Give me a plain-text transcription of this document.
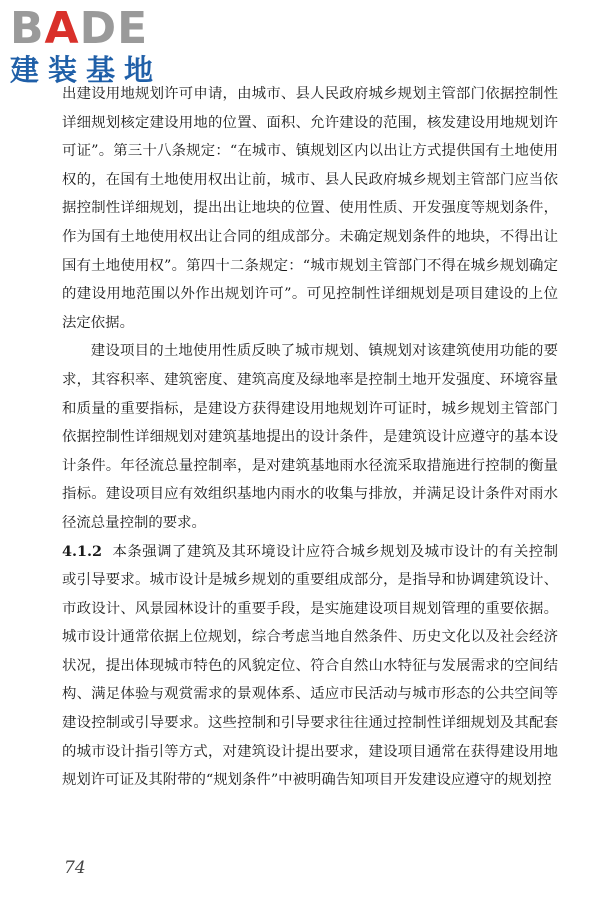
BADE
建装基地

出建设用地规划许可申请，由城市、县人民政府城乡规划主管部门依据控制性详细规划核定建设用地的位置、面积、允许建设的范围，核发建设用地规划许可证”。第三十八条规定：“在城市、镇规划区内以出让方式提供国有土地使用权的，在国有土地使用权出让前，城市、县人民政府城乡规划主管部门应当依据控制性详细规划，提出出让地块的位置、使用性质、开发强度等规划条件，作为国有土地使用权出让合同的组成部分。未确定规划条件的地块，不得出让国有土地使用权”。第四十二条规定：“城市规划主管部门不得在城乡规划确定的建设用地范围以外作出规划许可”。可见控制性详细规划是项目建设的上位法定依据。

建设项目的土地使用性质反映了城市规划、镇规划对该建筑使用功能的要求，其容积率、建筑密度、建筑高度及绿地率是控制土地开发强度、环境容量和质量的重要指标，是建设方获得建设用地规划许可证时，城乡规划主管部门依据控制性详细规划对建筑基地提出的设计条件，是建筑设计应遵守的基本设计条件。年径流总量控制率，是对建筑基地雨水径流采取措施进行控制的衡量指标。建设项目应有效组织基地内雨水的收集与排放，并满足设计条件对雨水径流总量控制的要求。

4.1.2 本条强调了建筑及其环境设计应符合城乡规划及城市设计的有关控制或引导要求。城市设计是城乡规划的重要组成部分，是指导和协调建筑设计、市政设计、风景园林设计的重要手段，是实施建设项目规划管理的重要依据。城市设计通常依据上位规划，综合考虑当地自然条件、历史文化以及社会经济状况，提出体现城市特色的风貌定位、符合自然山水特征与发展需求的空间结构、满足体验与观赏需求的景观体系、适应市民活动与城市形态的公共空间等建设控制或引导要求。这些控制和引导要求往往通过控制性详细规划及其配套的城市设计指引等方式，对建筑设计提出要求，建设项目通常在获得建设用地规划许可证及其附带的“规划条件”中被明确告知项目开发建设应遵守的规划控

74
